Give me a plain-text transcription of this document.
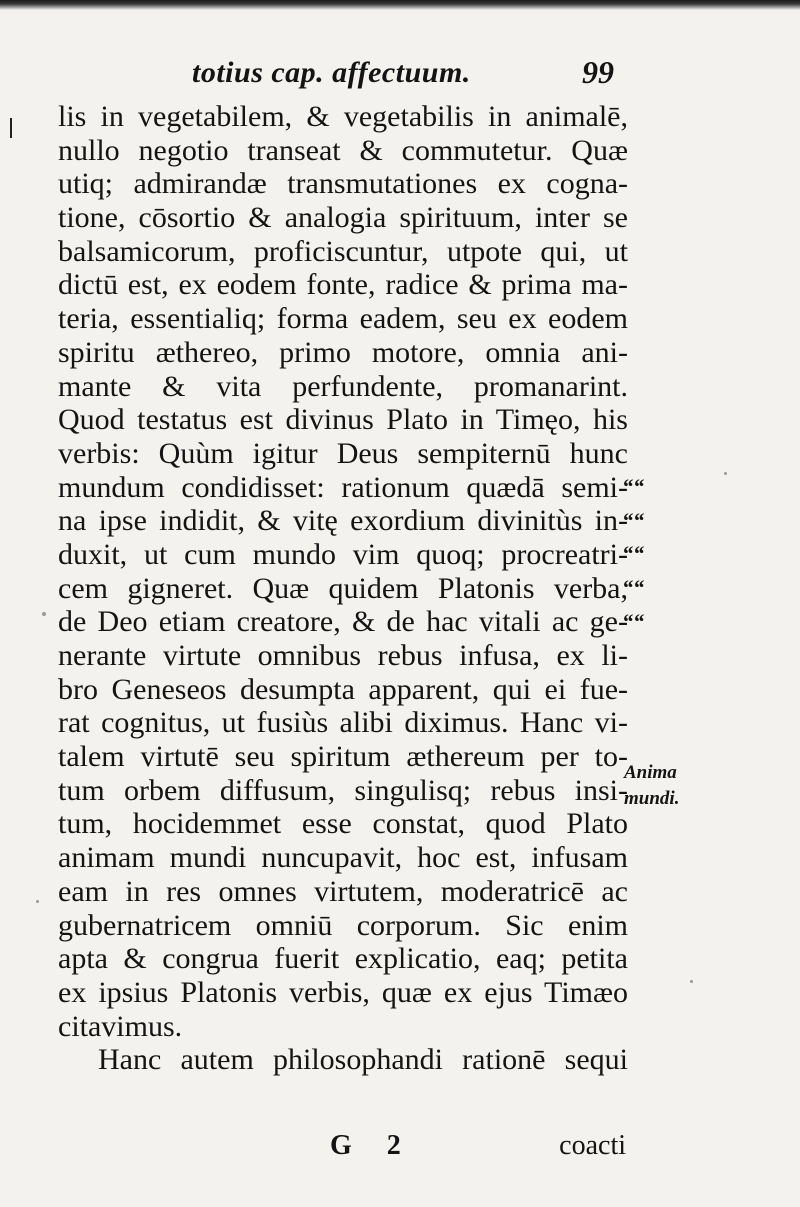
totius cap. affectuum.	99
lis in vegetabilem, & vegetabilis in animalē,
nullo negotio transeat & commutetur. Quæ
utiq; admirandæ transmutationes ex cogna-
tione, cōsortio & analogia spirituum, inter se
balsamicorum, proficiscuntur, utpote qui, ut
dictū est, ex eodem fonte, radice & prima ma-
teria, essentialiq; forma eadem, seu ex eodem
spiritu æthereo, primo motore, omnia ani-
mante & vita perfundente, promanarint.
Quod testatus est divinus Plato in Timęo, his
verbis: Quùm igitur Deus sempiternū hunc
mundum condidisset: rationum quædā semi-
na ipse indidit, & vitę exordium divinitùs in-
duxit, ut cum mundo vim quoq; procreatri-
cem gigneret. Quæ quidem Platonis verba,
de Deo etiam creatore, & de hac vitali ac ge-
nerante virtute omnibus rebus infusa, ex li-
bro Geneseos desumpta apparent, qui ei fue-
rat cognitus, ut fusiùs alibi diximus. Hanc vi-
talem virtutē seu spiritum æthereum per to-
tum orbem diffusum, singulisq; rebus insi-
tum, hocidemmet esse constat, quod Plato
animam mundi nuncupavit, hoc est, infusam
eam in res omnes virtutem, moderatricē ac
gubernatricem omniū corporum. Sic enim
apta & congrua fuerit explicatio, eaq; petita
ex ipsius Platonis verbis, quæ ex ejus Timæo
citavimus.
Hanc autem philosophandi rationē sequi
““
““
““
““
““
Anima
mundi.
G 2	coacti
